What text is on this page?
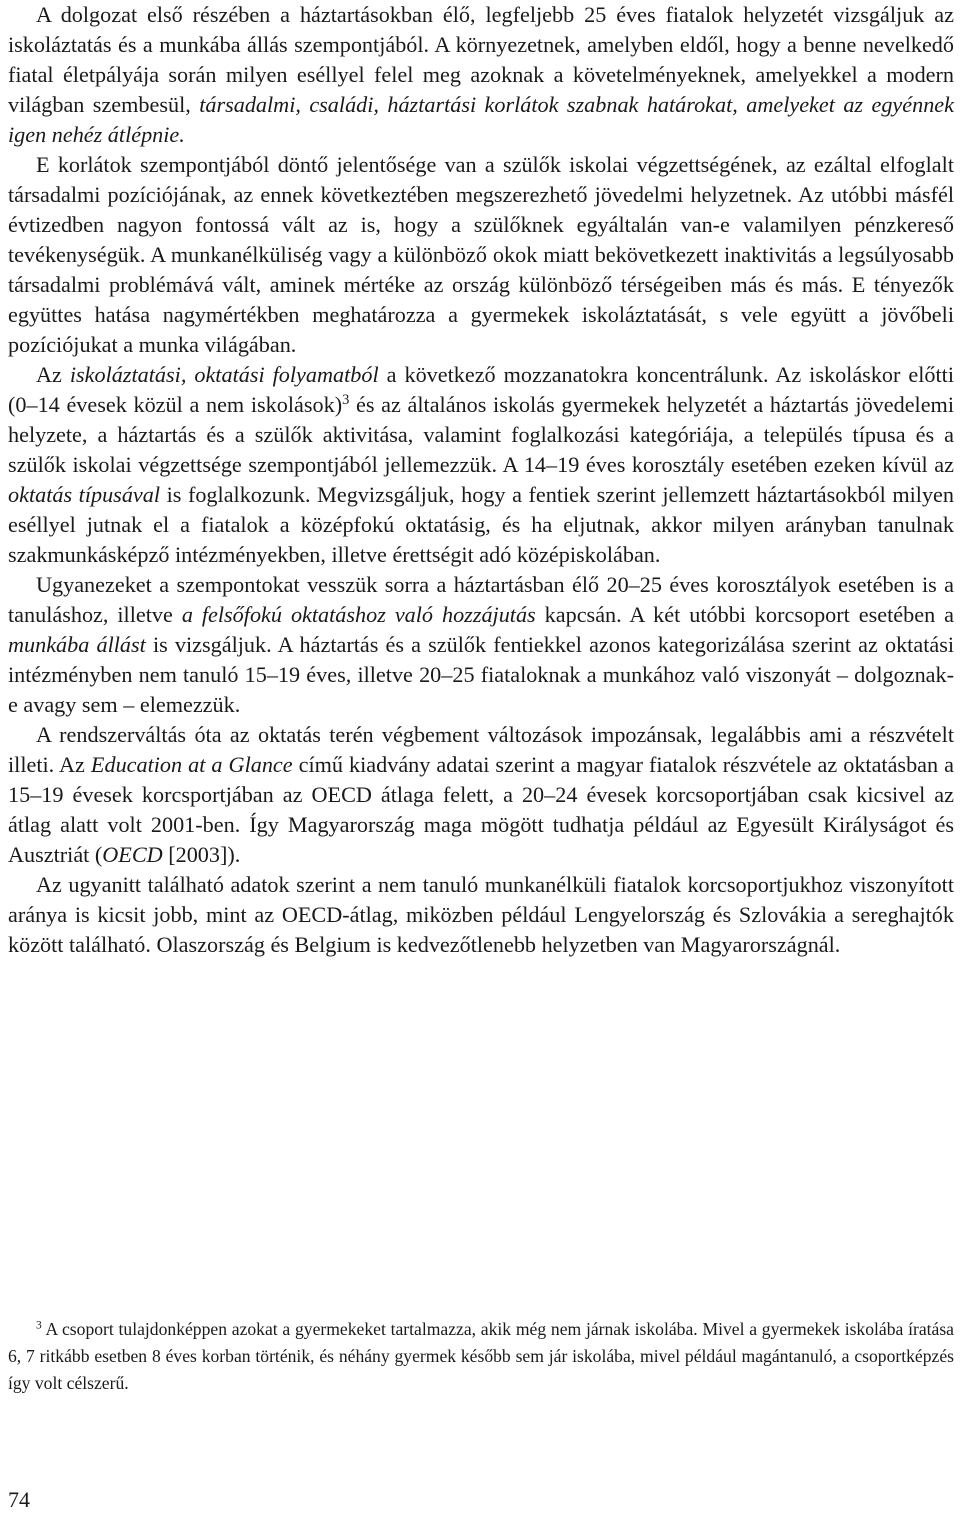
A dolgozat első részében a háztartásokban élő, legfeljebb 25 éves fiatalok helyzetét vizsgáljuk az iskoláztatás és a munkába állás szempontjából. A környezetnek, amelyben eldől, hogy a benne nevelkedő fiatal életpályája során milyen eséllyel felel meg azoknak a követelményeknek, amelyekkel a modern világban szembesül, társadalmi, családi, háztartási korlátok szabnak határokat, amelyeket az egyénnek igen nehéz átlépnie.

E korlátok szempontjából döntő jelentősége van a szülők iskolai végzettségének, az ezáltal elfoglalt társadalmi pozíciójának, az ennek következtében megszerezhető jövedelmi helyzetnek. Az utóbbi másfél évtizedben nagyon fontossá vált az is, hogy a szülőknek egyáltalán van-e valamilyen pénzkereső tevékenységük. A munkanélküliség vagy a különböző okok miatt bekövetkezett inaktivitás a legsúlyosabb társadalmi problémává vált, aminek mértéke az ország különböző térségeiben más és más. E tényezők együttes hatása nagymértékben meghatározza a gyermekek iskoláztatását, s vele együtt a jövőbeli pozíciójukat a munka világában.

Az iskoláztatási, oktatási folyamatból a következő mozzanatokra koncentrálunk. Az iskoláskor előtti (0–14 évesek közül a nem iskolások)$^3$ és az általános iskolás gyermekek helyzetét a háztartás jövedelemi helyzete, a háztartás és a szülők aktivitása, valamint foglalkozási kategóriája, a település típusa és a szülők iskolai végzettsége szempontjából jellemezzük. A 14–19 éves korosztály esetében ezeken kívül az oktatás típusával is foglalkozunk. Megvizsgáljuk, hogy a fentiek szerint jellemzett háztartásokból milyen eséllyel jutnak el a fiatalok a középfokú oktatásig, és ha eljutnak, akkor milyen arányban tanulnak szakmunkásképző intézményekben, illetve érettségit adó középiskolában.

Ugyanezeket a szempontokat vesszük sorra a háztartásban élő 20–25 éves korosztályok esetében is a tanuláshoz, illetve a felsőfokú oktatáshoz való hozzájutás kapcsán. A két utóbbi korcsoport esetében a munkába állást is vizsgáljuk. A háztartás és a szülők fentiekkel azonos kategorizálása szerint az oktatási intézményben nem tanuló 15–19 éves, illetve 20–25 fiataloknak a munkához való viszonyát – dolgoznak-e avagy sem – elemezzük.

A rendszerváltás óta az oktatás terén végbement változások impozánsak, legalábbis ami a részvételt illeti. Az Education at a Glance című kiadvány adatai szerint a magyar fiatalok részvétele az oktatásban a 15–19 évesek korcsportjában az OECD átlaga felett, a 20–24 évesek korcsoportjában csak kicsivel az átlag alatt volt 2001-ben. Így Magyarország maga mögött tudhatja például az Egyesült Királyságot és Ausztriát (OECD [2003]).

Az ugyanitt található adatok szerint a nem tanuló munkanélküli fiatalok korcsoportjukhoz viszonyított aránya is kicsit jobb, mint az OECD-átlag, miközben például Lengyelország és Szlovákia a sereghajtók között található. Olaszország és Belgium is kedvezőtlenebb helyzetben van Magyarországnál.

$^3$ A csoport tulajdonképpen azokat a gyermekeket tartalmazza, akik még nem járnak iskolába. Mivel a gyermekek iskolába íratása 6, 7 ritkább esetben 8 éves korban történik, és néhány gyermek később sem jár iskolába, mivel például magántanuló, a csoportképzés így volt célszerű.

74
